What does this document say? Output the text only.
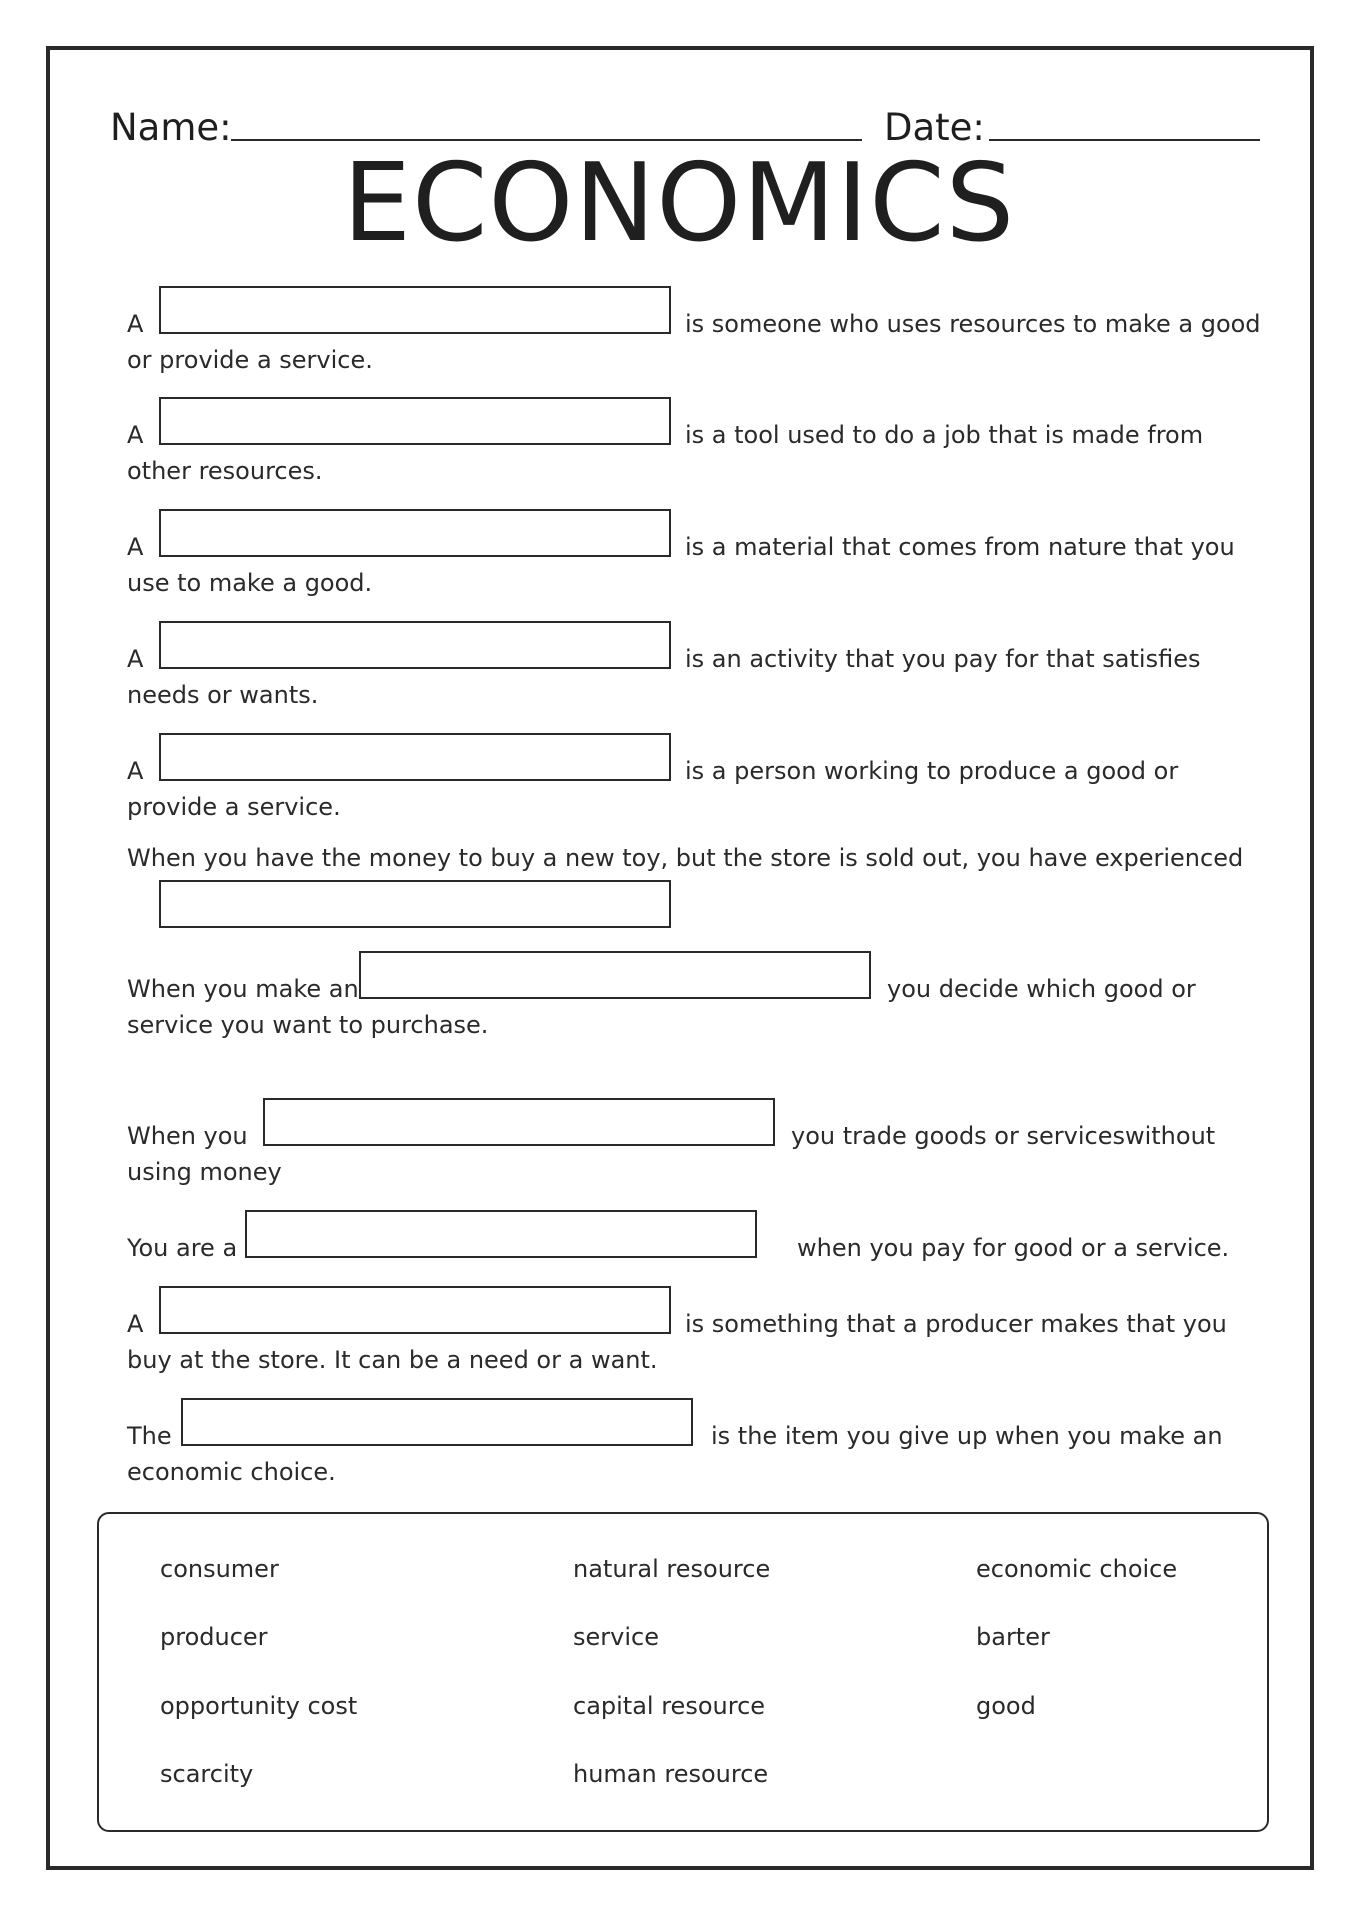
Name:	Date:
ECONOMICS
A	is someone who uses resources to make a good
or provide a service.
A	is a tool used to do a job that is made from
other resources.
A	is a material that comes from nature that you
use to make a good.
A	is an activity that you pay for that satisfies
needs or wants.
A	is a person working to produce a good or
provide a service.
When you have the money to buy a new toy, but the store is sold out, you have experienced
When you make an	you decide which good or
service you want to purchase.
When you	you trade goods or serviceswithout
using money
You are a	when you pay for good or a service.
A	is something that a producer makes that you
buy at the store. It can be a need or a want.
The	is the item you give up when you make an
economic choice.
consumer	natural resource	economic choice
producer	service	barter
opportunity cost	capital resource	good
scarcity	human resource
